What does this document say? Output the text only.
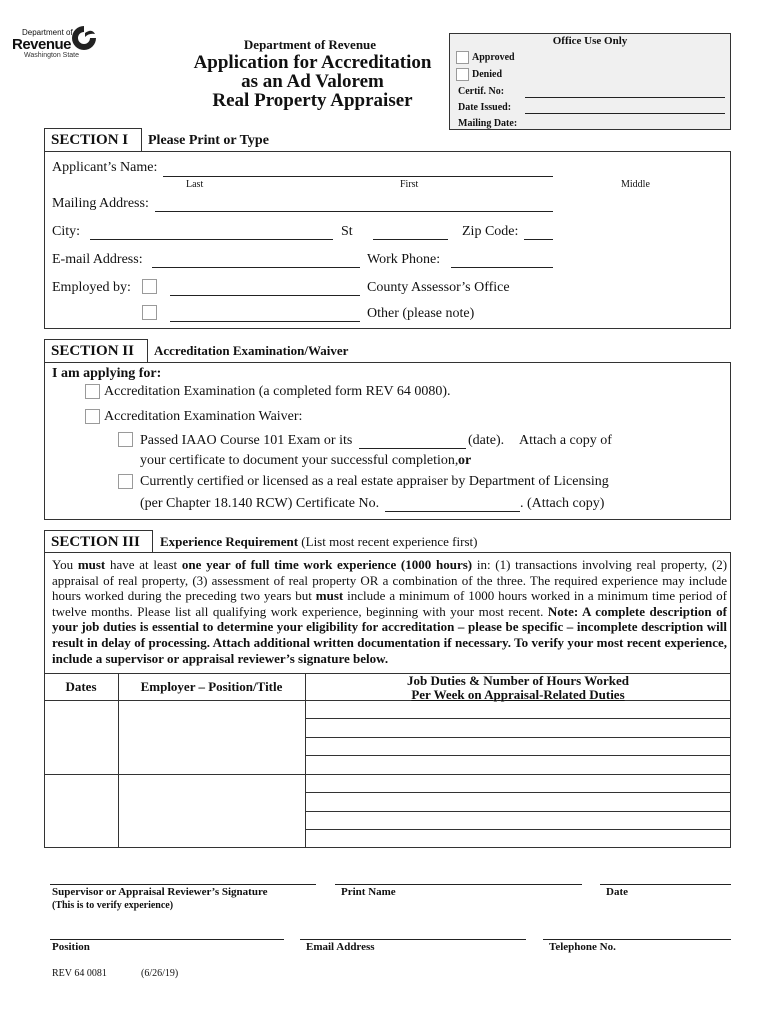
Department of
Revenue
Washington State
Department of Revenue
Application for Accreditation
as an Ad Valorem
Real Property Appraiser
Office Use Only
Approved
Denied
Certif. No:
Date Issued:
Mailing Date:
SECTION I	Please Print or Type
Applicant’s Name:
Last	First	Middle
Mailing Address:
City:	St	Zip Code:
E-mail Address:	Work Phone:
Employed by:	County Assessor’s Office
Other (please note)
SECTION II	Accreditation Examination/Waiver
I am applying for:
Accreditation Examination (a completed form REV 64 0080).
Accreditation Examination Waiver:
Passed IAAO Course 101 Exam or its	(date). Attach a copy of
your certificate to document your successful completion, or
Currently certified or licensed as a real estate appraiser by Department of Licensing
(per Chapter 18.140 RCW) Certificate No.	. (Attach copy)
SECTION III	Experience Requirement (List most recent experience first)
You must have at least one year of full time work experience (1000 hours) in: (1) transactions involving real property, (2) appraisal of real property, (3) assessment of real property OR a combination of the three. The required experience may include hours worked during the preceding two years but must include a minimum of 1000 hours worked in a minimum time period of twelve months. Please list all qualifying work experience, beginning with your most recent. Note: A complete description of your job duties is essential to determine your eligibility for accreditation – please be specific – incomplete description will result in delay of processing. Attach additional written documentation if necessary. To verify your most recent experience, include a supervisor or appraisal reviewer’s signature below.
Dates	Employer – Position/Title	Job Duties & Number of Hours Worked
Per Week on Appraisal-Related Duties
Supervisor or Appraisal Reviewer’s Signature
(This is to verify experience)
Print Name	Date
Position	Email Address	Telephone No.
REV 64 0081	(6/26/19)
